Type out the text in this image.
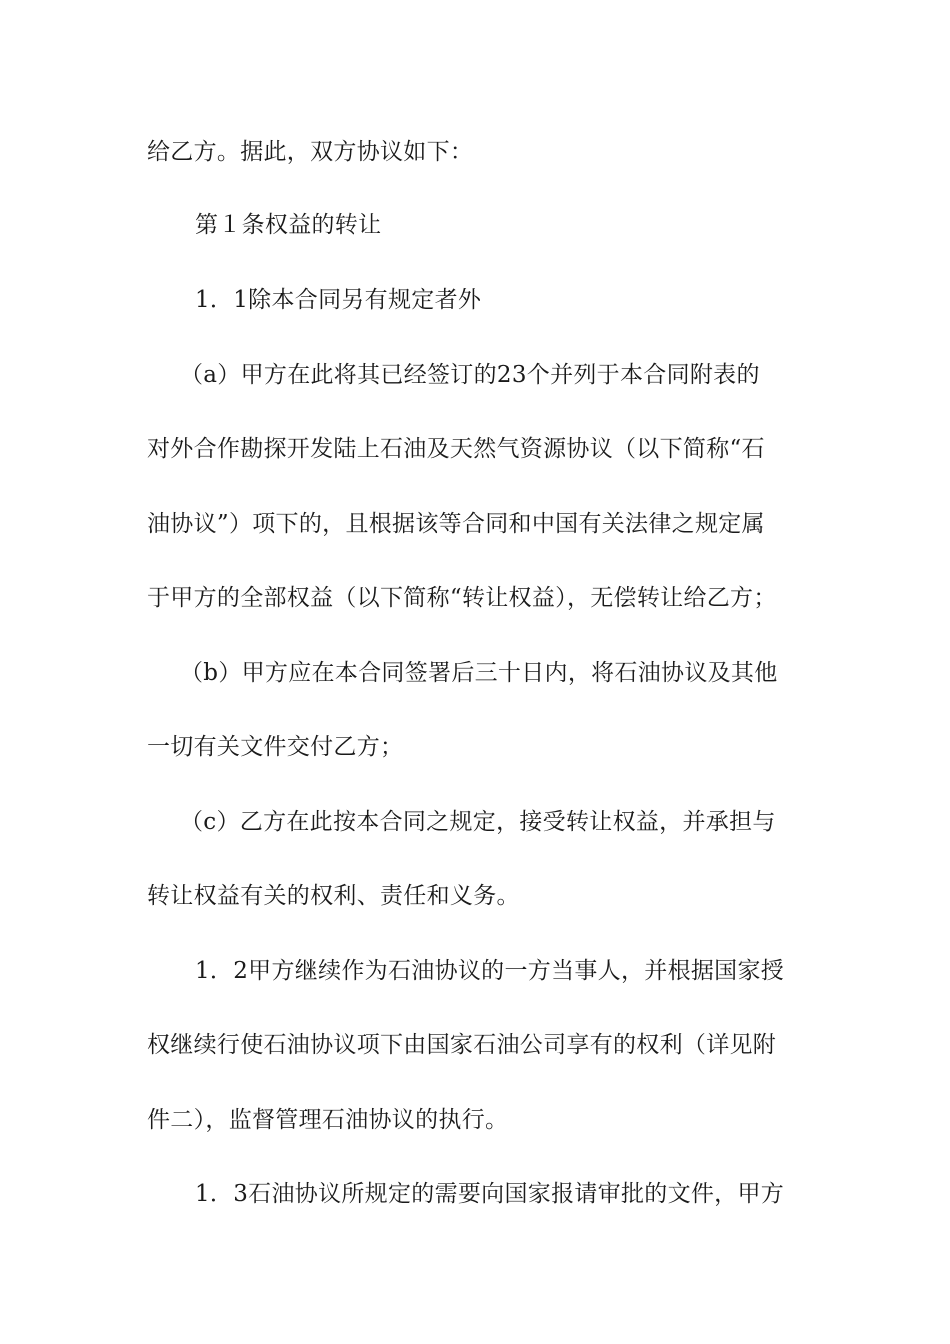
给乙方。据此，双方协议如下：
第１条权益的转让
1．1除本合同另有规定者外
（a）甲方在此将其已经签订的23个并列于本合同附表的
对外合作勘探开发陆上石油及天然气资源协议（以下简称“石
油协议”）项下的，且根据该等合同和中国有关法律之规定属
于甲方的全部权益（以下简称“转让权益），无偿转让给乙方；
（b）甲方应在本合同签署后三十日内，将石油协议及其他
一切有关文件交付乙方；
（c）乙方在此按本合同之规定，接受转让权益，并承担与
转让权益有关的权利、责任和义务。
1．2甲方继续作为石油协议的一方当事人，并根据国家授
权继续行使石油协议项下由国家石油公司享有的权利（详见附
件二），监督管理石油协议的执行。
1．3石油协议所规定的需要向国家报请审批的文件，甲方
